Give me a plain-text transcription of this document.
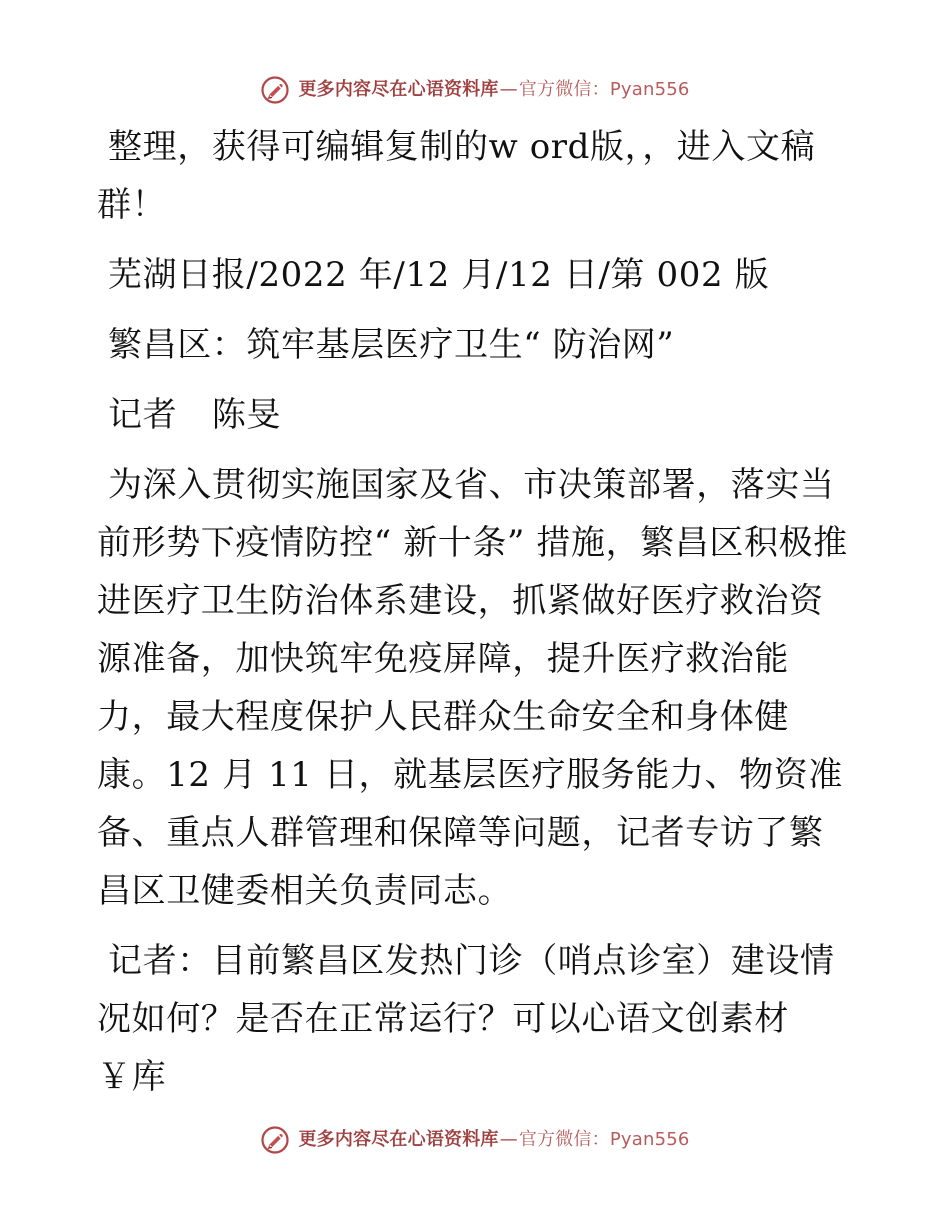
更多内容尽在心语资料库 — 官方微信：Pyan556
整理，获得可编辑复制的w ord版，，进入文稿群！
芜湖日报/2022 年/12 月/12 日/第 002 版
繁昌区：筑牢基层医疗卫生“ 防治网”
记者　 陈旻
为深入贯彻实施国家及省、市决策部署，落实当前形势下疫情防控“ 新十条” 措施，繁昌区积极推进医疗卫生防治体系建设，抓紧做好医疗救治资源准备，加快筑牢免疫屏障，提升医疗救治能力，最大程度保护人民群众生命安全和身体健康。12 月 11 日，就基层医疗服务能力、物资准备、重点人群管理和保障等问题，记者专访了繁昌区卫健委相关负责同志。
记者：目前繁昌区发热门诊（哨点诊室）建设情况如何？是否在正常运行？可以心语文创素材￥库
更多内容尽在心语资料库 — 官方微信：Pyan556
